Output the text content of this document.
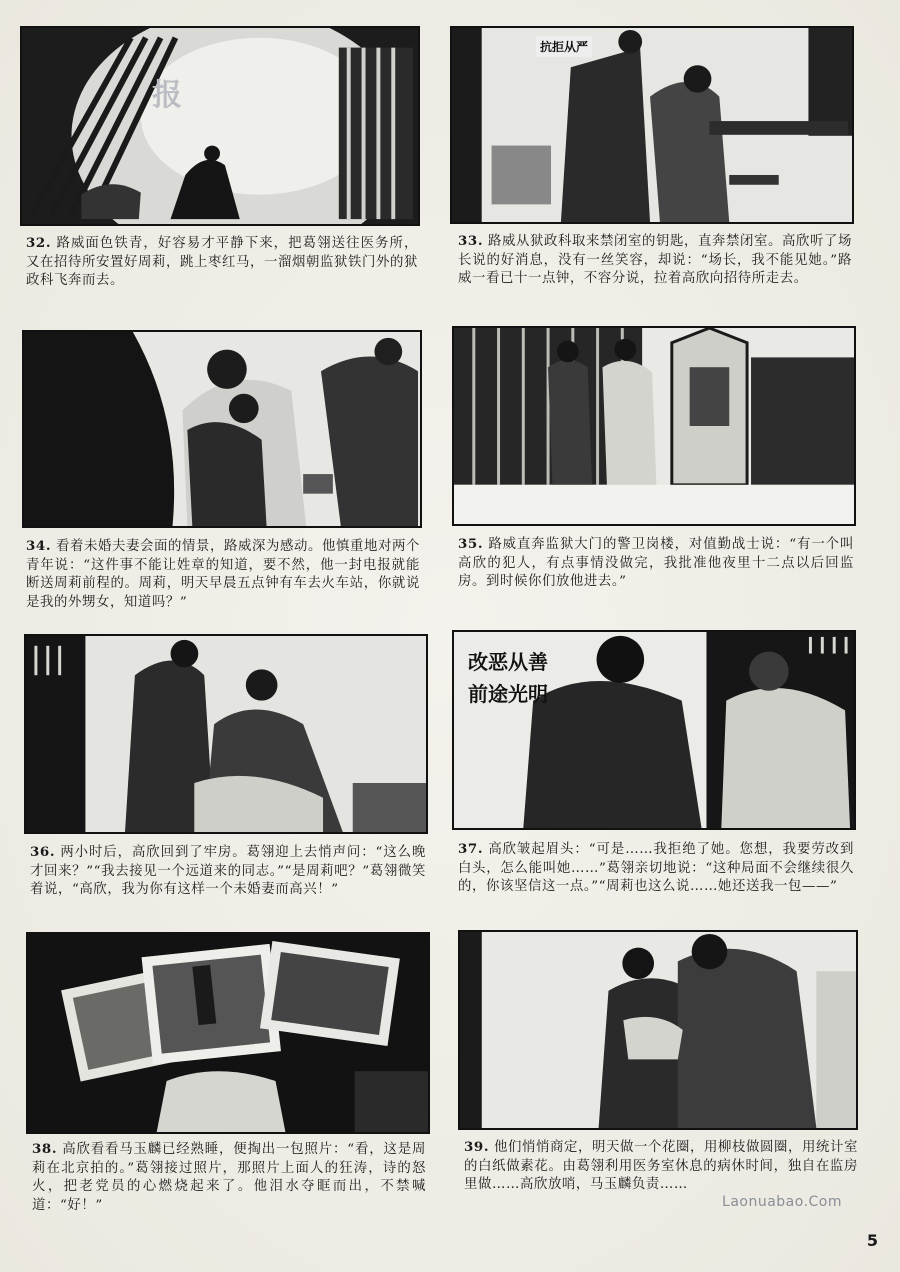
报

32. 路威面色铁青，好容易才平静下来，把葛翎送往医务所，又在招待所安置好周莉，跳上枣红马，一溜烟朝监狱铁门外的狱政科飞奔而去。

抗拒从严

33. 路威从狱政科取来禁闭室的钥匙，直奔禁闭室。高欣听了场长说的好消息，没有一丝笑容，却说：“场长，我不能见她。”路威一看已十一点钟，不容分说，拉着高欣向招待所走去。

34. 看着未婚夫妻会面的情景，路威深为感动。他慎重地对两个青年说：“这件事不能让姓章的知道，要不然，他一封电报就能断送周莉前程的。周莉，明天早晨五点钟有车去火车站，你就说是我的外甥女，知道吗？”

35. 路威直奔监狱大门的警卫岗楼，对值勤战士说：“有一个叫高欣的犯人，有点事情没做完，我批准他夜里十二点以后回监房。到时候你们放他进去。”

36. 两小时后，高欣回到了牢房。葛翎迎上去悄声问：“这么晚才回来？”“我去接见一个远道来的同志。”“是周莉吧？”葛翎微笑着说，“高欣，我为你有这样一个未婚妻而高兴！”

改恶从善
前途光明

37. 高欣皱起眉头：“可是……我拒绝了她。您想，我要劳改到白头，怎么能叫她……”葛翎亲切地说：“这种局面不会继续很久的，你该坚信这一点。”“周莉也这么说……她还送我一包——”

38. 高欣看看马玉麟已经熟睡，便掏出一包照片：“看，这是周莉在北京拍的。”葛翎接过照片，那照片上面人的狂涛，诗的怒火，把老党员的心燃烧起来了。他泪水夺眶而出，不禁喊道：“好！”

39. 他们悄悄商定，明天做一个花圈，用柳枝做圆圈，用统计室的白纸做素花。由葛翎利用医务室休息的病休时间，独自在监房里做……高欣放哨，马玉麟负责……

Laonuabao.Com
5
